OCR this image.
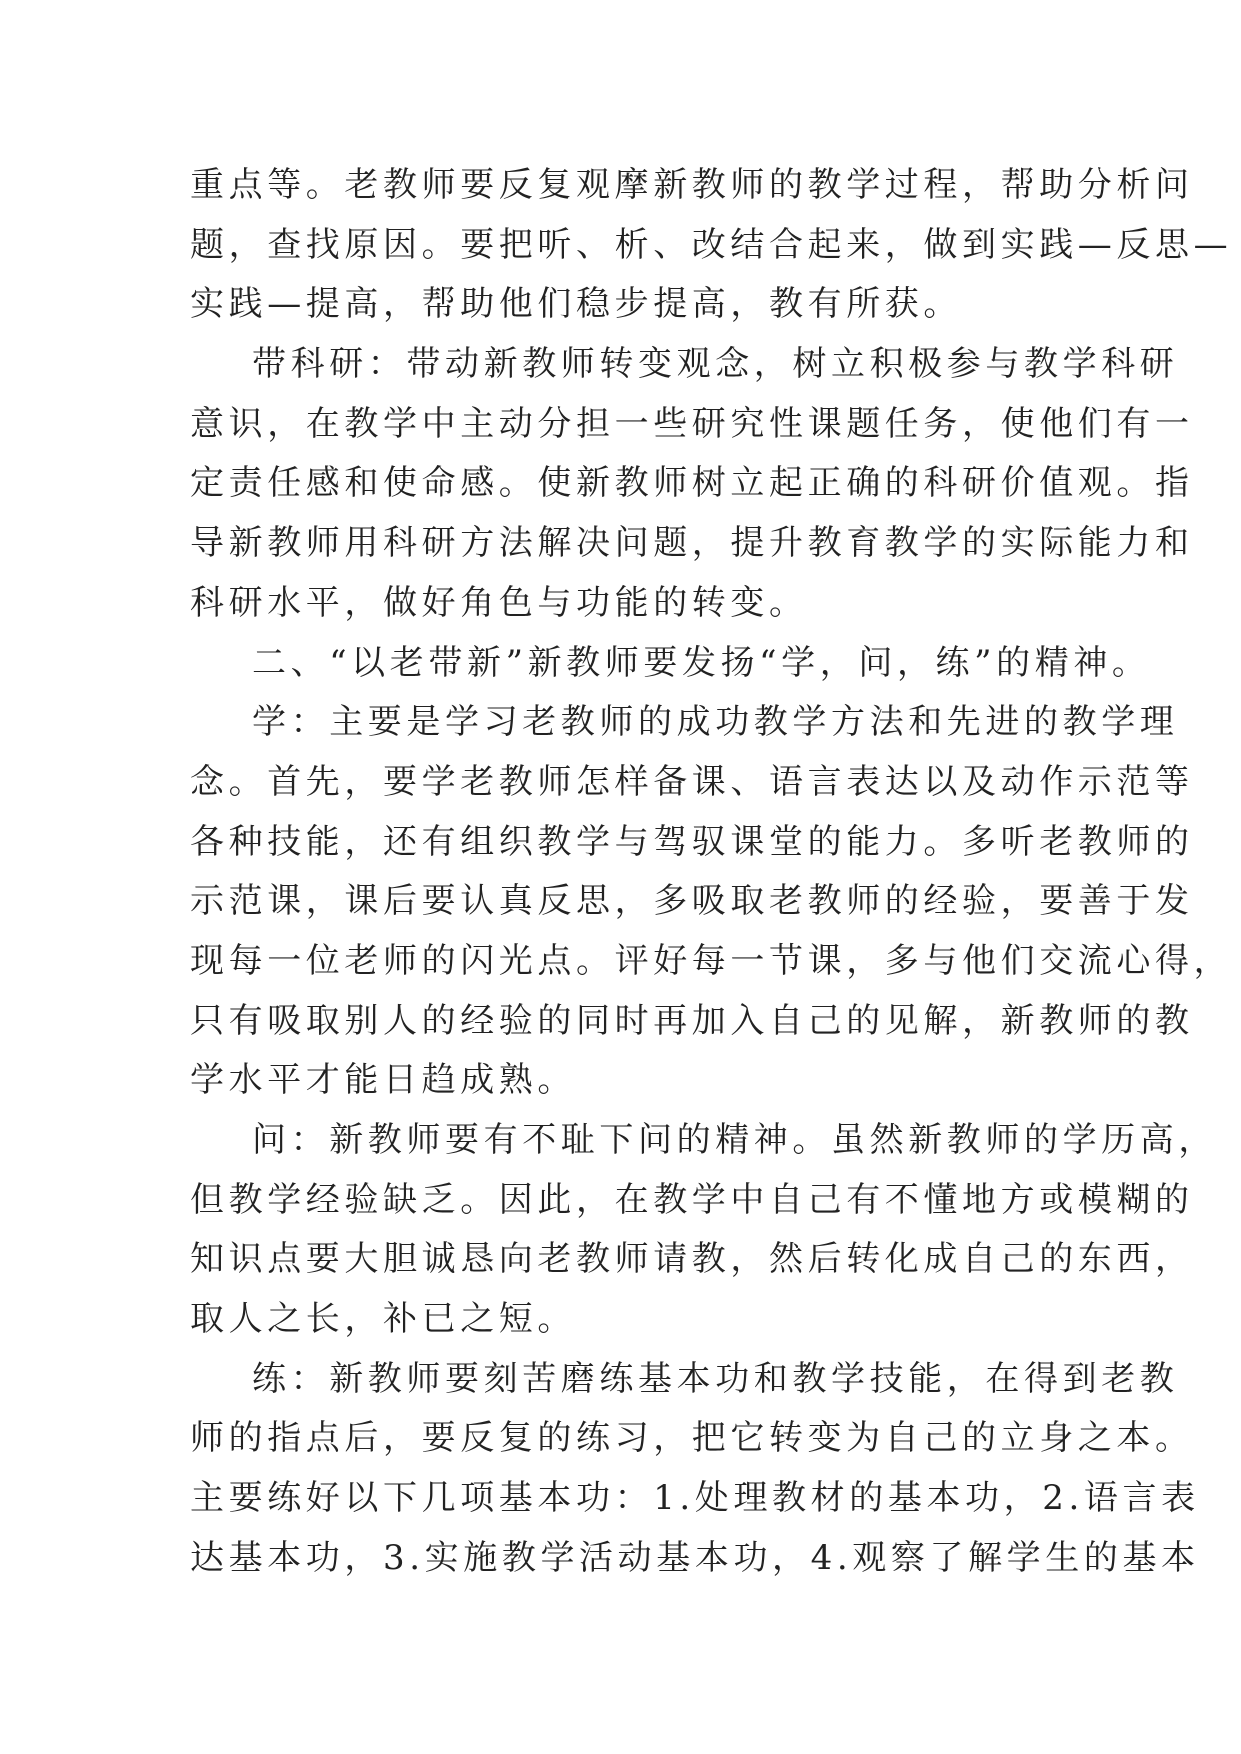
重点等。老教师要反复观摩新教师的教学过程，帮助分析问
题，查找原因。要把听、析、改结合起来，做到实践—反思—
实践—提高，帮助他们稳步提高，教有所获。
带科研：带动新教师转变观念，树立积极参与教学科研
意识，在教学中主动分担一些研究性课题任务，使他们有一
定责任感和使命感。使新教师树立起正确的科研价值观。指
导新教师用科研方法解决问题，提升教育教学的实际能力和
科研水平，做好角色与功能的转变。
二、“以老带新”新教师要发扬“学，问，练”的精神。
学：主要是学习老教师的成功教学方法和先进的教学理
念。首先，要学老教师怎样备课、语言表达以及动作示范等
各种技能，还有组织教学与驾驭课堂的能力。多听老教师的
示范课，课后要认真反思，多吸取老教师的经验，要善于发
现每一位老师的闪光点。评好每一节课，多与他们交流心得，
只有吸取别人的经验的同时再加入自己的见解，新教师的教
学水平才能日趋成熟。
问：新教师要有不耻下问的精神。虽然新教师的学历高，
但教学经验缺乏。因此，在教学中自己有不懂地方或模糊的
知识点要大胆诚恳向老教师请教，然后转化成自己的东西，
取人之长，补已之短。
练：新教师要刻苦磨练基本功和教学技能，在得到老教
师的指点后，要反复的练习，把它转变为自己的立身之本。
主要练好以下几项基本功：1.处理教材的基本功，2.语言表
达基本功，3.实施教学活动基本功，4.观察了解学生的基本
